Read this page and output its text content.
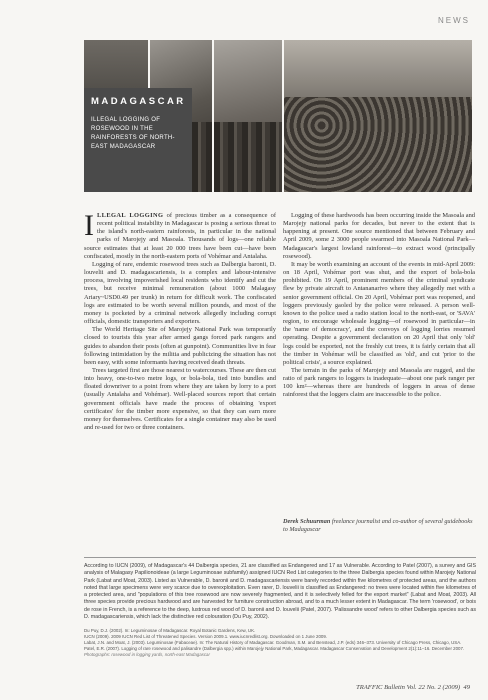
NEWS
MADAGASCAR
ILLEGAL LOGGING OF ROSEWOOD IN THE RAINFORESTS OF NORTH-EAST MADAGASCAR

ILLEGAL LOGGING of precious timber as a consequence of recent political instability in Madagascar is posing a serious threat to the island's north-eastern rainforests, in particular in the national parks of Marojejy and Masoala. Thousands of logs—one reliable source estimates that at least 20 000 trees have been cut—have been confiscated, mostly in the north-eastern ports of Vohémar and Antalaha.

Logging of rare, endemic rosewood trees such as Dalbergia baronii, D. louvelii and D. madagascariensis, is a complex and labour-intensive process, involving impoverished local residents who identify and cut the trees, but receive minimal remuneration (about 1000 Malagasy Ariary~USD0.49 per trunk) in return for difficult work. The confiscated logs are estimated to be worth several million pounds, and most of the money is pocketed by a criminal network allegedly including corrupt officials, domestic transporters and exporters.

The World Heritage Site of Marojejy National Park was temporarily closed to tourists this year after armed gangs forced park rangers and guides to abandon their posts (often at gunpoint). Communities live in fear following intimidation by the militia and publicizing the situation has not been easy, with some informants having received death threats.

Trees targeted first are those nearest to watercourses. These are then cut into heavy, one-to-two metre logs, or bola-bola, tied into bundles and floated downriver to a point from where they are taken by lorry to a port (usually Antalaha and Vohémar). Well-placed sources report that certain government officials have made the process of obtaining 'export certificates' for the timber more expensive, so that they can earn more money for themselves. Certificates for a single container may also be used and re-used for two or three containers.

Logging of these hardwoods has been occurring inside the Masoala and Marojejy national parks for decades, but never to the extent that is happening at present. One source mentioned that between February and April 2009, some 2 3000 people swarmed into Masoala National Park—Madagascar's largest lowland rainforest—to extract wood (principally rosewood).

It may be worth examining an account of the events in mid-April 2009: on 18 April, Vohémar port was shut, and the export of bola-bola prohibited. On 19 April, prominent members of the criminal syndicate flew by private aircraft to Antananarivo where they allegedly met with a senior government official. On 20 April, Vohémar port was reopened, and loggers previously gaoled by the police were released. A person well-known to the police used a radio station local to the north-east, or 'SAVA' region, to encourage wholesale logging—of rosewood in particular—in the 'name of democracy', and the convoys of logging lorries resumed operating. Despite a government declaration on 20 April that only 'old' logs could be exported, not the freshly cut trees, it is fairly certain that all the timber in Vohémar will be classified as 'old', and cut 'prior to the political crisis', a source explained.

The terrain in the parks of Marojejy and Masoala are rugged, and the ratio of park rangers to loggers is inadequate—about one park ranger per 100 km²—whereas there are hundreds of loggers in areas of dense rainforest that the loggers claim are inaccessible to the police.

Derek Schuurman freelance journalist and co-author of several guidebooks to Madagascar
According to IUCN (2009), of Madagascar's 44 Dalbergia species, 21 are classified as Endangered and 17 as Vulnerable. According to Patel (2007), a survey and GIS analysis of Malagasy Papilionoideae (a large Leguminosae subfamily) assigned IUCN Red List categories to the three Dalbergia species found within Marojejy National Park (Labat and Moat, 2003). Listed as Vulnerable, D. baronii and D. madagascariensis were barely recorded within five kilometres of protected areas, and the authors noted that large specimens were very scarce due to overexploitation. Even rarer, D. louvelii is classified as Endangered: no trees were located within five kilometres of a protected area, and "populations of this tree rosewood are now severely fragmented, and it is selectively felled for the export market" (Labat and Moat, 2003). All three species provide precious hardwood and are harvested for furniture construction abroad, and to a much lesser extent in Madagascar. The term 'rosewood', or bois de rose in French, is a reference to the deep, lustrous red wood of D. baronii and D. louvelii (Patel, 2007). 'Palissandre wood' refers to other Dalbergia species such as D. madagascariensis, which lack the distinctive red colouration (Du Puy, 2002).
Du Puy, D.J. (2002). In: Leguminosae of Madagascar. Royal Botanic Gardens, Kew, UK.
IUCN (2009). 2009 IUCN Red List of Threatened Species. Version 2009.1. www.iucnredlist.org. Downloaded on 1 June 2009.
Labat, J.N. and Moat, J. (2003). Leguminosae (Fabaceae). In: The Natural History of Madagascar. Goodman, S.M. and Benstead, J.P. (eds) 346–373. University of Chicago Press, Chicago, USA.
Patel, E.R. (2007). Logging of rare rosewood and palisandre (Dalbergia spp.) within Marojejy National Park, Madagascar. Madagascar Conservation and Development 2(1):11–16. December 2007.
Photographs: rosewood in logging yards, north-east Madagascar
TRAFFIC Bulletin Vol. 22 No. 2 (2009) 49
